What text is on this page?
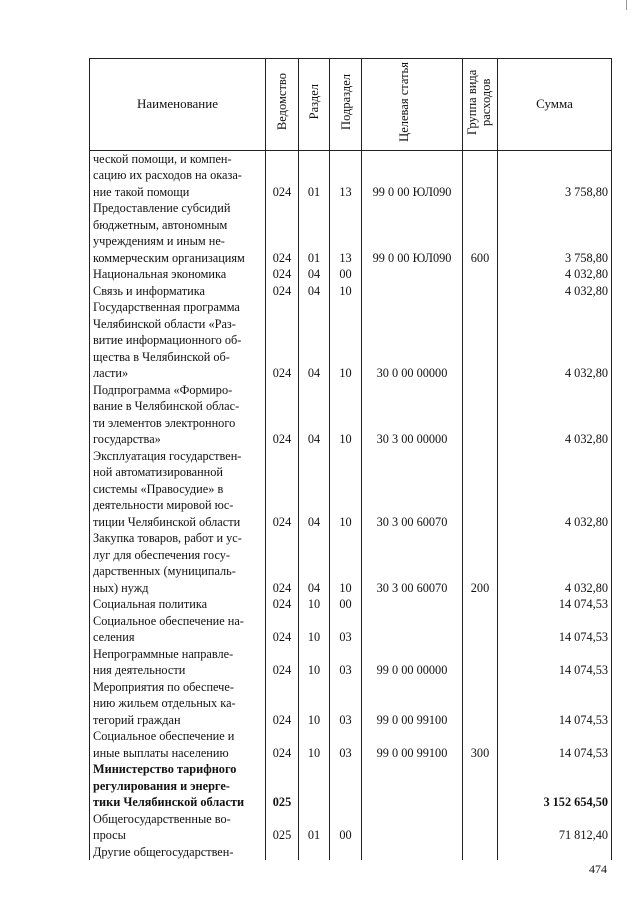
Наименование	Ведомство	Раздел	Подраздел	Целевая статья	Группа вида расходов	Сумма
ческой помощи, и компен-
сацию их расходов на оказа-
ние такой помощи	024	01	13	99 0 00 ЮЛ090		3 758,80
Предоставление субсидий
бюджетным, автономным
учреждениям и иным не-
коммерческим организациям	024	01	13	99 0 00 ЮЛ090	600	3 758,80
Национальная экономика	024	04	00			4 032,80
Связь и информатика	024	04	10			4 032,80
Государственная программа
Челябинской области «Раз-
витие информационного об-
щества в Челябинской об-
ласти»	024	04	10	30 0 00 00000		4 032,80
Подпрограмма «Формиро-
вание в Челябинской облас-
ти элементов электронного
государства»	024	04	10	30 3 00 00000		4 032,80
Эксплуатация государствен-
ной автоматизированной
системы «Правосудие» в
деятельности мировой юс-
тиции Челябинской области	024	04	10	30 3 00 60070		4 032,80
Закупка товаров, работ и ус-
луг для обеспечения госу-
дарственных (муниципаль-
ных) нужд	024	04	10	30 3 00 60070	200	4 032,80
Социальная политика	024	10	00			14 074,53
Социальное обеспечение на-
селения	024	10	03			14 074,53
Непрограммные направле-
ния деятельности	024	10	03	99 0 00 00000		14 074,53
Мероприятия по обеспече-
нию жильем отдельных ка-
тегорий граждан	024	10	03	99 0 00 99100		14 074,53
Социальное обеспечение и
иные выплаты населению	024	10	03	99 0 00 99100	300	14 074,53
Министерство тарифного
регулирования и энерге-
тики Челябинской области	025					3 152 654,50
Общегосударственные во-
просы	025	01	00			71 812,40
Другие общегосударствен-						
474
